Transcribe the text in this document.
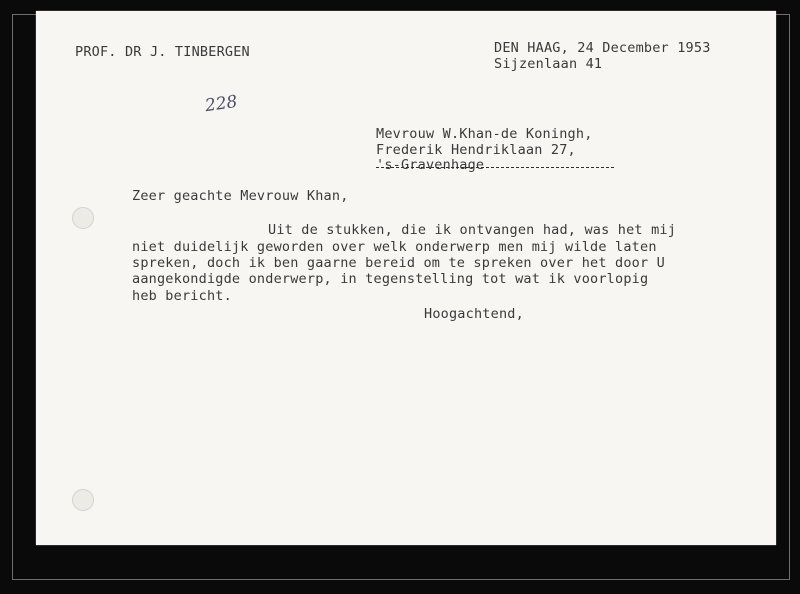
PROF. DR J. TINBERGEN	DEN HAAG, 24 December 1953
Sijzenlaan 41
228
Mevrouw W.Khan-de Koningh,
Frederik Hendriklaan 27,
's-Gravenhage
Zeer geachte Mevrouw Khan,
Uit de stukken, die ik ontvangen had, was het mij
niet duidelijk geworden over welk onderwerp men mij wilde laten
spreken, doch ik ben gaarne bereid om te spreken over het door U
aangekondigde onderwerp, in tegenstelling tot wat ik voorlopig
heb bericht.
Hoogachtend,
